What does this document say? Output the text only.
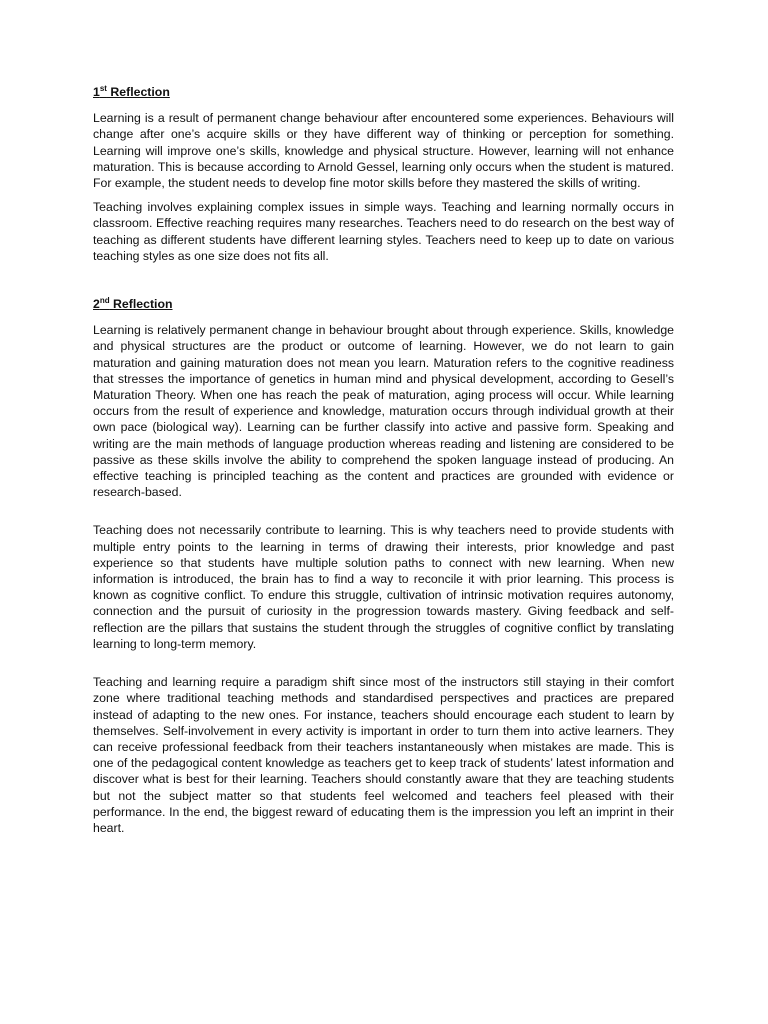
1st Reflection

Learning is a result of permanent change behaviour after encountered some experiences. Behaviours will change after one’s acquire skills or they have different way of thinking or perception for something. Learning will improve one’s skills, knowledge and physical structure. However, learning will not enhance maturation. This is because according to Arnold Gessel, learning only occurs when the student is matured. For example, the student needs to develop fine motor skills before they mastered the skills of writing.

Teaching involves explaining complex issues in simple ways. Teaching and learning normally occurs in classroom. Effective reaching requires many researches. Teachers need to do research on the best way of teaching as different students have different learning styles. Teachers need to keep up to date on various teaching styles as one size does not fits all.

2nd Reflection

Learning is relatively permanent change in behaviour brought about through experience. Skills, knowledge and physical structures are the product or outcome of learning. However, we do not learn to gain maturation and gaining maturation does not mean you learn. Maturation refers to the cognitive readiness that stresses the importance of genetics in human mind and physical development, according to Gesell’s Maturation Theory. When one has reach the peak of maturation, aging process will occur. While learning occurs from the result of experience and knowledge, maturation occurs through individual growth at their own pace (biological way). Learning can be further classify into active and passive form. Speaking and writing are the main methods of language production whereas reading and listening are considered to be passive as these skills involve the ability to comprehend the spoken language instead of producing. An effective teaching is principled teaching as the content and practices are grounded with evidence or research-based.

Teaching does not necessarily contribute to learning. This is why teachers need to provide students with multiple entry points to the learning in terms of drawing their interests, prior knowledge and past experience so that students have multiple solution paths to connect with new learning. When new information is introduced, the brain has to find a way to reconcile it with prior learning. This process is known as cognitive conflict. To endure this struggle, cultivation of intrinsic motivation requires autonomy, connection and the pursuit of curiosity in the progression towards mastery. Giving feedback and self-reflection are the pillars that sustains the student through the struggles of cognitive conflict by translating learning to long-term memory.

Teaching and learning require a paradigm shift since most of the instructors still staying in their comfort zone where traditional teaching methods and standardised perspectives and practices are prepared instead of adapting to the new ones. For instance, teachers should encourage each student to learn by themselves. Self-involvement in every activity is important in order to turn them into active learners. They can receive professional feedback from their teachers instantaneously when mistakes are made. This is one of the pedagogical content knowledge as teachers get to keep track of students’ latest information and discover what is best for their learning. Teachers should constantly aware that they are teaching students but not the subject matter so that students feel welcomed and teachers feel pleased with their performance. In the end, the biggest reward of educating them is the impression you left an imprint in their heart.
